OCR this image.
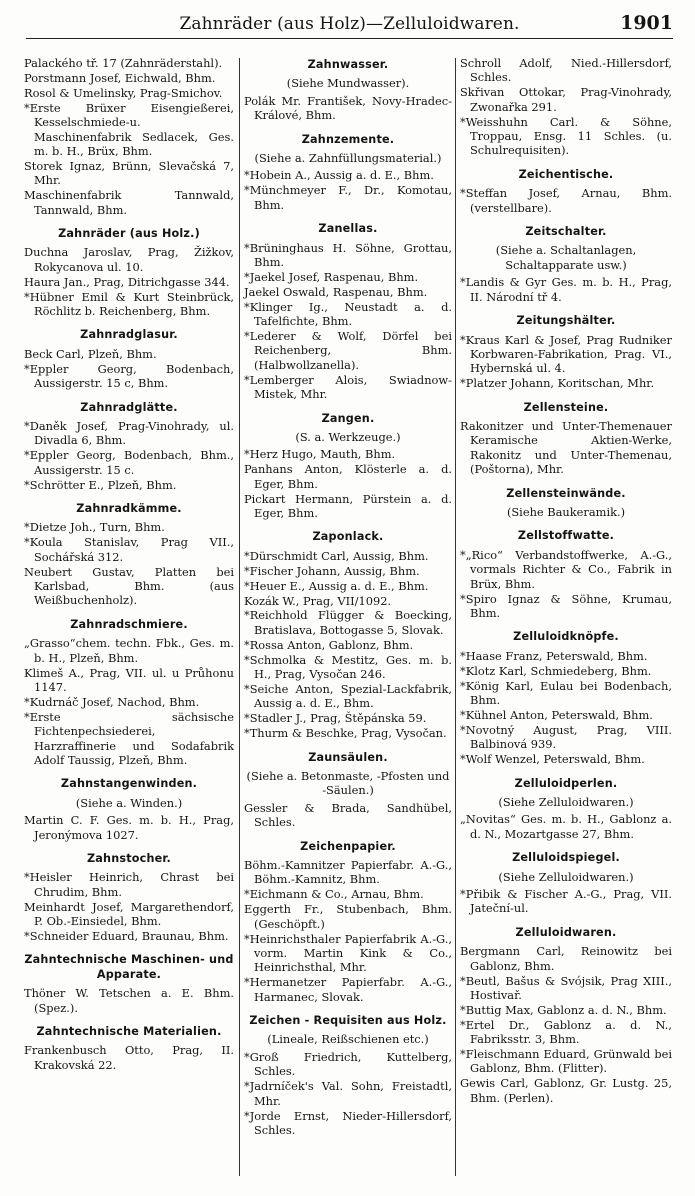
Zahnräder (aus Holz)—Zelluloidwaren.	1901
Palackého tř. 17 (Zahnräderstahl).
Porstmann Josef, Eichwald, Bhm.
Rosol & Umelinsky, Prag-Smichov.
*Erste Brüxer Eisengießerei, Kesselschmiede-u. Maschinenfabrik Sedlacek, Ges. m. b. H., Brüx, Bhm.
Storek Ignaz, Brünn, Slevačská 7, Mhr.
Maschinenfabrik Tannwald, Tannwald, Bhm.
Zahnräder (aus Holz.)
Duchna Jaroslav, Prag, Žižkov, Rokycanova ul. 10.
Haura Jan., Prag, Ditrichgasse 344.
*Hübner Emil & Kurt Steinbrück, Röchlitz b. Reichenberg, Bhm.
Zahnradglasur.
Beck Carl, Plzeň, Bhm.
*Eppler Georg, Bodenbach, Aussigerstr. 15 c, Bhm.
Zahnradglätte.
*Daněk Josef, Prag-Vinohrady, ul. Divadla 6, Bhm.
*Eppler Georg, Bodenbach, Bhm., Aussigerstr. 15 c.
*Schrötter E., Plzeň, Bhm.
Zahnradkämme.
*Dietze Joh., Turn, Bhm.
*Koula Stanislav, Prag VII., Sochářská 312.
Neubert Gustav, Platten bei Karlsbad, Bhm. (aus Weißbuchenholz).
Zahnradschmiere.
„Grasso“chem. techn. Fbk., Ges. m. b. H., Plzeň, Bhm.
Klimeš A., Prag, VII. ul. u Průhonu 1147.
*Kudrnáč Josef, Nachod, Bhm.
*Erste sächsische Fichtenpechsiederei, Harzraffinerie und Sodafabrik Adolf Taussig, Plzeň, Bhm.
Zahnstangenwinden.
(Siehe a. Winden.)
Martin C. F. Ges. m. b. H., Prag, Jeronýmova 1027.
Zahnstocher.
*Heisler Heinrich, Chrast bei Chrudim, Bhm.
Meinhardt Josef, Margarethendorf, P. Ob.-Einsiedel, Bhm.
*Schneider Eduard, Braunau, Bhm.
Zahntechnische Maschinen- und Apparate.
Thöner W. Tetschen a. E. Bhm. (Spez.).
Zahntechnische Materialien.
Frankenbusch Otto, Prag, II. Krakovská 22.
Zahnwasser.
(Siehe Mundwasser).
Polák Mr. František, Novy-Hradec-Králové, Bhm.
Zahnzemente.
(Siehe a. Zahnfüllungsmaterial.)
*Hobein A., Aussig a. d. E., Bhm.
*Münchmeyer F., Dr., Komotau, Bhm.
Zanellas.
*Brüninghaus H. Söhne, Grottau, Bhm.
*Jaekel Josef, Raspenau, Bhm.
Jaekel Oswald, Raspenau, Bhm.
*Klinger Ig., Neustadt a. d. Tafelfichte, Bhm.
*Lederer & Wolf, Dörfel bei Reichenberg, Bhm. (Halbwollzanella).
*Lemberger Alois, Swiadnow-Mistek, Mhr.
Zangen.
(S. a. Werkzeuge.)
*Herz Hugo, Mauth, Bhm.
Panhans Anton, Klösterle a. d. Eger, Bhm.
Pickart Hermann, Pürstein a. d. Eger, Bhm.
Zaponlack.
*Dürschmidt Carl, Aussig, Bhm.
*Fischer Johann, Aussig, Bhm.
*Heuer E., Aussig a. d. E., Bhm.
Kozák W., Prag, VII/1092.
*Reichhold Flügger & Boecking, Bratislava, Bottogasse 5, Slovak.
*Rossa Anton, Gablonz, Bhm.
*Schmolka & Mestitz, Ges. m. b. H., Prag, Vysočan 246.
*Seiche Anton, Spezial-Lackfabrik, Aussig a. d. E., Bhm.
*Stadler J., Prag, Štěpánska 59.
*Thurm & Beschke, Prag, Vysočan.
Zaunsäulen.
(Siehe a. Betonmaste, -Pfosten und -Säulen.)
Gessler & Brada, Sandhübel, Schles.
Zeichenpapier.
Böhm.-Kamnitzer Papierfabr. A.-G., Böhm.-Kamnitz, Bhm.
*Eichmann & Co., Arnau, Bhm.
Eggerth Fr., Stubenbach, Bhm. (Geschöpft.)
*Heinrichsthaler Papierfabrik A.-G., vorm. Martin Kink & Co., Heinrichsthal, Mhr.
*Hermanetzer Papierfabr. A.-G., Harmanec, Slovak.
Zeichen - Requisiten aus Holz.
(Lineale, Reißschienen etc.)
*Groß Friedrich, Kuttelberg, Schles.
*Jadrníček's Val. Sohn, Freistadtl, Mhr.
*Jorde Ernst, Nieder-Hillersdorf, Schles.
Schroll Adolf, Nied.-Hillersdorf, Schles.
Skřivan Ottokar, Prag-Vinohrady, Zwonařka 291.
*Weisshuhn Carl. & Söhne, Troppau, Ensg. 11 Schles. (u. Schulrequisiten).
Zeichentische.
*Steffan Josef, Arnau, Bhm. (verstellbare).
Zeitschalter.
(Siehe a. Schaltanlagen, Schaltapparate usw.)
*Landis & Gyr Ges. m. b. H., Prag, II. Národní tř 4.
Zeitungshälter.
*Kraus Karl & Josef, Prag Rudniker Korbwaren-Fabrikation, Prag. VI., Hybernská ul. 4.
*Platzer Johann, Koritschan, Mhr.
Zellensteine.
Rakonitzer und Unter-Themenauer Keramische Aktien-Werke, Rakonitz und Unter-Themenau, (Poštorna), Mhr.
Zellensteinwände.
(Siehe Baukeramik.)
Zellstoffwatte.
*„Rico“ Verbandstoffwerke, A.-G., vormals Richter & Co., Fabrik in Brüx, Bhm.
*Spiro Ignaz & Söhne, Krumau, Bhm.
Zelluloidknöpfe.
*Haase Franz, Peterswald, Bhm.
*Klotz Karl, Schmiedeberg, Bhm.
*König Karl, Eulau bei Bodenbach, Bhm.
*Kühnel Anton, Peterswald, Bhm.
*Novotný August, Prag, VIII. Balbinová 939.
*Wolf Wenzel, Peterswald, Bhm.
Zelluloidperlen.
(Siehe Zelluloidwaren.)
„Novitas“ Ges. m. b. H., Gablonz a. d. N., Mozartgasse 27, Bhm.
Zelluloidspiegel.
(Siehe Zelluloidwaren.)
*Přibik & Fischer A.-G., Prag, VII. Jateční-ul.
Zelluloidwaren.
Bergmann Carl, Reinowitz bei Gablonz, Bhm.
*Beutl, Bašus & Svójsik, Prag XIII., Hostivař.
*Buttig Max, Gablonz a. d. N., Bhm.
*Ertel Dr., Gablonz a. d. N., Fabriksstr. 3, Bhm.
*Fleischmann Eduard, Grünwald bei Gablonz, Bhm. (Flitter).
Gewis Carl, Gablonz, Gr. Lustg. 25, Bhm. (Perlen).
